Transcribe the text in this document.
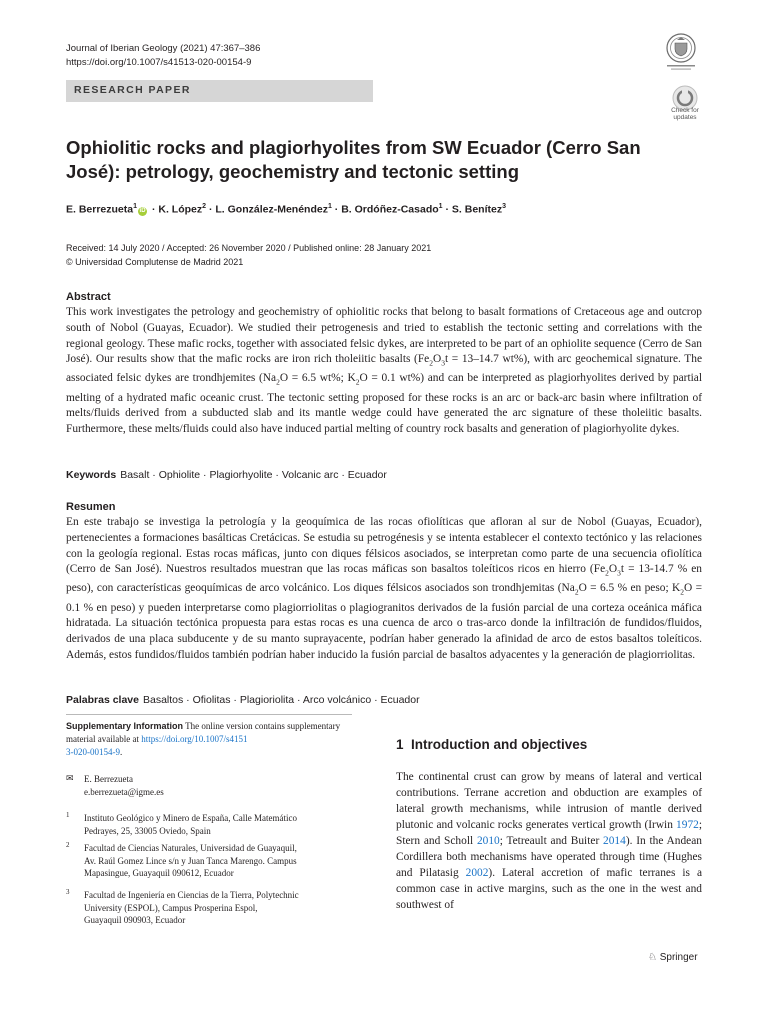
Journal of Iberian Geology (2021) 47:367–386
https://doi.org/10.1007/s41513-020-00154-9
RESEARCH PAPER
Check for
updates
Ophiolitic rocks and plagiorhyolites from SW Ecuador (Cerro San José): petrology, geochemistry and tectonic setting
E. Berrezueta$^1$iD · K. López$^2$ · L. González-Menéndez$^1$ · B. Ordóñez-Casado$^1$ · S. Benítez$^3$
Received: 14 July 2020 / Accepted: 26 November 2020 / Published online: 28 January 2021
© Universidad Complutense de Madrid 2021
Abstract
This work investigates the petrology and geochemistry of ophiolitic rocks that belong to basalt formations of Cretaceous age and outcrop south of Nobol (Guayas, Ecuador). We studied their petrogenesis and tried to establish the tectonic setting and correlations with the regional geology. These mafic rocks, together with associated felsic dykes, are interpreted to be part of an ophiolite sequence (Cerro de San José). Our results show that the mafic rocks are iron rich tholeiitic basalts ($Fe_2O_3t = 13-14.7$ wt%), with arc geochemical signature. The associated felsic dykes are trondhjemites ($Na_2O = 6.5$ wt%; $K_2O = 0.1$ wt%) and can be interpreted as plagiorhyolites derived by partial melting of a hydrated mafic oceanic crust. The tectonic setting proposed for these rocks is an arc or back-arc basin where infiltration of melts/fluids derived from a subducted slab and its mantle wedge could have generated the arc signature of these tholeiitic basalts. Furthermore, these melts/fluids could also have induced partial melting of country rock basalts and generation of plagiorhyolite dykes.
Keywords Basalt · Ophiolite · Plagiorhyolite · Volcanic arc · Ecuador
Resumen
En este trabajo se investiga la petrología y la geoquímica de las rocas ofiolíticas que afloran al sur de Nobol (Guayas, Ecuador), pertenecientes a formaciones basálticas Cretácicas. Se estudia su petrogénesis y se intenta establecer el contexto tectónico y las relaciones con la geología regional. Estas rocas máficas, junto con diques félsicos asociados, se interpretan como parte de una secuencia ofiolítica (Cerro de San José). Nuestros resultados muestran que las rocas máficas son basaltos toleíticos ricos en hierro ($Fe_2O_3t = 13-14.7$ % en peso), con características geoquímicas de arco volcánico. Los diques félsicos asociados son trondhjemitas ($Na_2O = 6.5$ % en peso; $K_2O = 0.1$ % en peso) y pueden interpretarse como plagiorriolitas o plagiogranitos derivados de la fusión parcial de una corteza oceánica máfica hidratada. La situación tectónica propuesta para estas rocas es una cuenca de arco o tras-arco donde la infiltración de fundidos/fluidos, derivados de una placa subducente y de su manto suprayacente, podrían haber generado la afinidad de arco de estos basaltos toleíticos. Además, estos fundidos/fluidos también podrían haber inducido la fusión parcial de basaltos adyacentes y la generación de plagiorriolitas.
Palabras clave Basaltos · Ofiolitas · Plagioriolita · Arco volcánico · Ecuador
Supplementary Information The online version contains supplementary material available at https://doi.org/10.1007/s4151
3-020-00154-9.
✉ E. Berrezueta
e.berrezueta@igme.es
1 Instituto Geológico y Minero de España, Calle Matemático
Pedrayes, 25, 33005 Oviedo, Spain
2 Facultad de Ciencias Naturales, Universidad de Guayaquil,
Av. Raúl Gomez Lince s/n y Juan Tanca Marengo. Campus
Mapasingue, Guayaquil 090612, Ecuador
3 Facultad de Ingeniería en Ciencias de la Tierra, Polytechnic
University (ESPOL), Campus Prosperina Espol,
Guayaquil 090903, Ecuador
1 Introduction and objectives
The continental crust can grow by means of lateral and vertical contributions. Terrane accretion and obduction are examples of lateral growth mechanisms, while intrusion of mantle derived plutonic and volcanic rocks generates vertical growth (Irwin 1972; Stern and Scholl 2010; Tetreault and Buiter 2014). In the Andean Cordillera both mechanisms have operated through time (Hughes and Pilatasig 2002). Lateral accretion of mafic terranes is a common case in active margins, such as the one in the west and southwest of
♘ Springer
